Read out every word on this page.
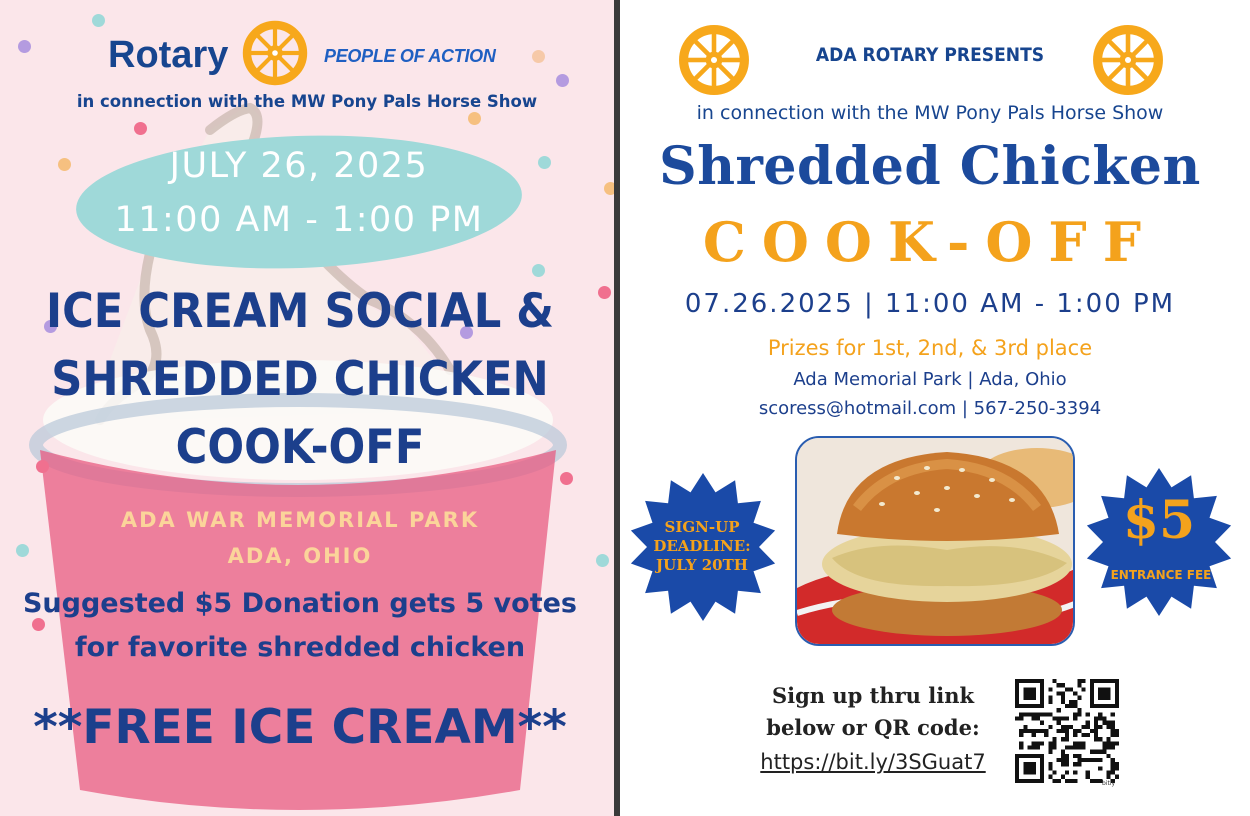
Rotary	PEOPLE OF ACTION
in connection with the MW Pony Pals Horse Show
JULY 26, 2025
11:00 AM - 1:00 PM
ICE CREAM SOCIAL &
SHREDDED CHICKEN
COOK-OFF
ADA WAR MEMORIAL PARK
ADA, OHIO
Suggested $5 Donation gets 5 votes
for favorite shredded chicken
**FREE ICE CREAM**
ADA ROTARY PRESENTS
in connection with the MW Pony Pals Horse Show
Shredded Chicken
COOK-OFF
07.26.2025 | 11:00 AM - 1:00 PM
Prizes for 1st, 2nd, & 3rd place
Ada Memorial Park | Ada, Ohio
scoress@hotmail.com | 567-250-3394
SIGN-UP
DEADLINE:
JULY 20TH
$5
ENTRANCE FEE
Sign up thru link
below or QR code:
https://bit.ly/3SGuat7
bitly
